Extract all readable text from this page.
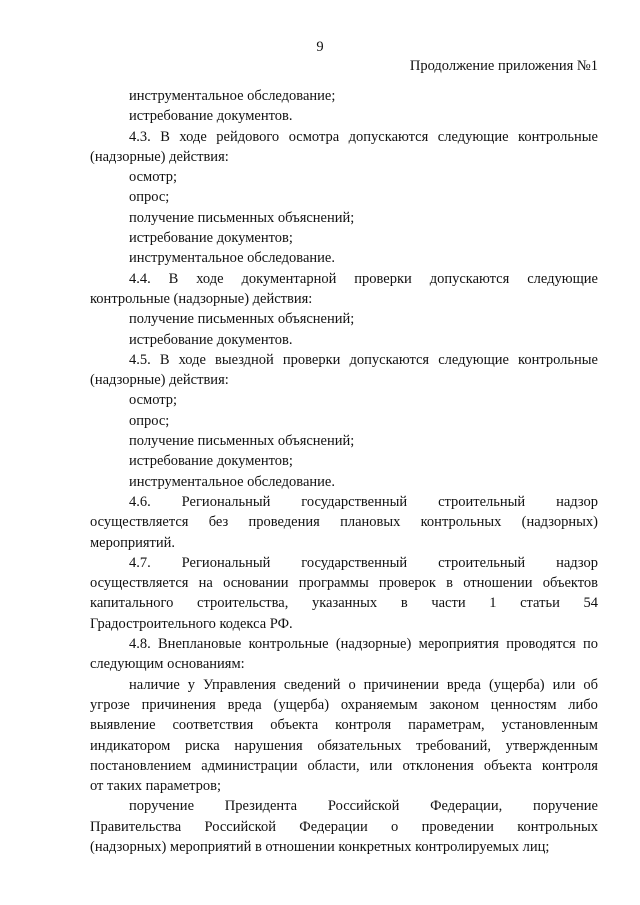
9
Продолжение приложения №1
инструментальное обследование;
истребование документов.
4.3. В ходе рейдового осмотра допускаются следующие контрольные
(надзорные) действия:
осмотр;
опрос;
получение письменных объяснений;
истребование документов;
инструментальное обследование.
4.4. В ходе документарной проверки допускаются следующие
контрольные (надзорные) действия:
получение письменных объяснений;
истребование документов.
4.5. В ходе выездной проверки допускаются следующие контрольные
(надзорные) действия:
осмотр;
опрос;
получение письменных объяснений;
истребование документов;
инструментальное обследование.
4.6. Региональный государственный строительный надзор
осуществляется без проведения плановых контрольных (надзорных)
мероприятий.
4.7. Региональный государственный строительный надзор
осуществляется на основании программы проверок в отношении объектов
капитального строительства, указанных в части 1 статьи 54
Градостроительного кодекса РФ.
4.8. Внеплановые контрольные (надзорные) мероприятия проводятся по
следующим основаниям:
наличие у Управления сведений о причинении вреда (ущерба) или об
угрозе причинения вреда (ущерба) охраняемым законом ценностям либо
выявление соответствия объекта контроля параметрам, установленным
индикатором риска нарушения обязательных требований, утвержденным
постановлением администрации области, или отклонения объекта контроля
от таких параметров;
поручение Президента Российской Федерации, поручение
Правительства Российской Федерации о проведении контрольных
(надзорных) мероприятий в отношении конкретных контролируемых лиц;
